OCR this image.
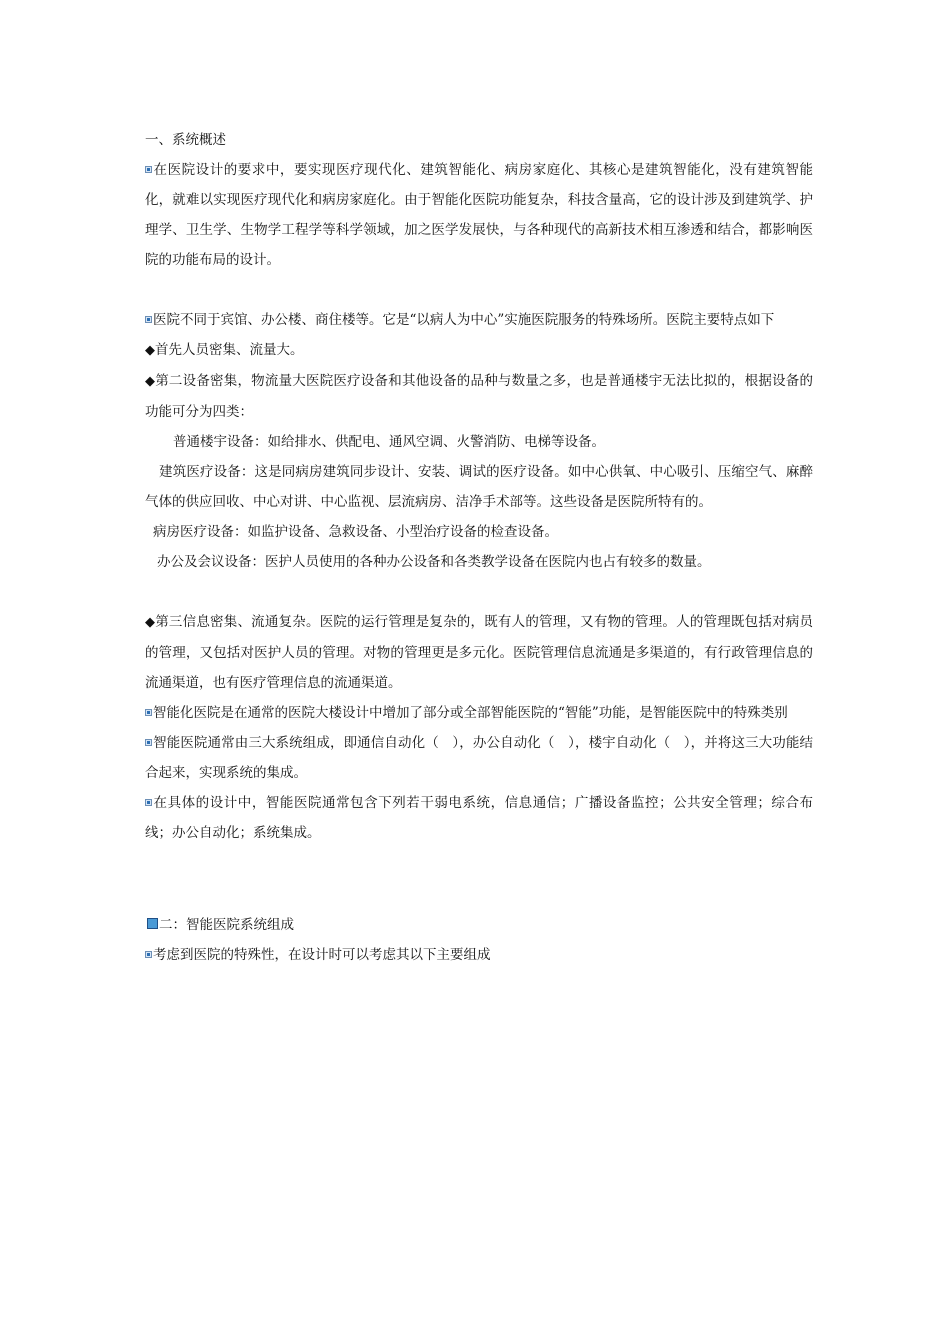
一、系统概述

在医院设计的要求中，要实现医疗现代化、建筑智能化、病房家庭化、其核心是建筑智能化，没有建筑智能化，就难以实现医疗现代化和病房家庭化。由于智能化医院功能复杂，科技含量高，它的设计涉及到建筑学、护理学、卫生学、生物学工程学等科学领域，加之医学发展快，与各种现代的高新技术相互渗透和结合，都影响医院的功能布局的设计。

医院不同于宾馆、办公楼、商住楼等。它是“以病人为中心”实施医院服务的特殊场所。医院主要特点如下

◆首先人员密集、流量大。

◆第二设备密集，物流量大医院医疗设备和其他设备的品种与数量之多，也是普通楼宇无法比拟的，根据设备的功能可分为四类：

普通楼宇设备：如给排水、供配电、通风空调、火警消防、电梯等设备。

建筑医疗设备：这是同病房建筑同步设计、安装、调试的医疗设备。如中心供氧、中心吸引、压缩空气、麻醉气体的供应回收、中心对讲、中心监视、层流病房、洁净手术部等。这些设备是医院所特有的。

病房医疗设备：如监护设备、急救设备、小型治疗设备的检查设备。

办公及会议设备：医护人员使用的各种办公设备和各类教学设备在医院内也占有较多的数量。

◆第三信息密集、流通复杂。医院的运行管理是复杂的，既有人的管理，又有物的管理。人的管理既包括对病员的管理，又包括对医护人员的管理。对物的管理更是多元化。医院管理信息流通是多渠道的，有行政管理信息的流通渠道，也有医疗管理信息的流通渠道。

智能化医院是在通常的医院大楼设计中增加了部分或全部智能医院的“智能”功能，是智能医院中的特殊类别

智能医院通常由三大系统组成，即通信自动化（　），办公自动化（　），楼宇自动化（　），并将这三大功能结合起来，实现系统的集成。

在具体的设计中，智能医院通常包含下列若干弱电系统，信息通信；广播设备监控；公共安全管理；综合布线；办公自动化；系统集成。

二：智能医院系统组成

考虑到医院的特殊性，在设计时可以考虑其以下主要组成
